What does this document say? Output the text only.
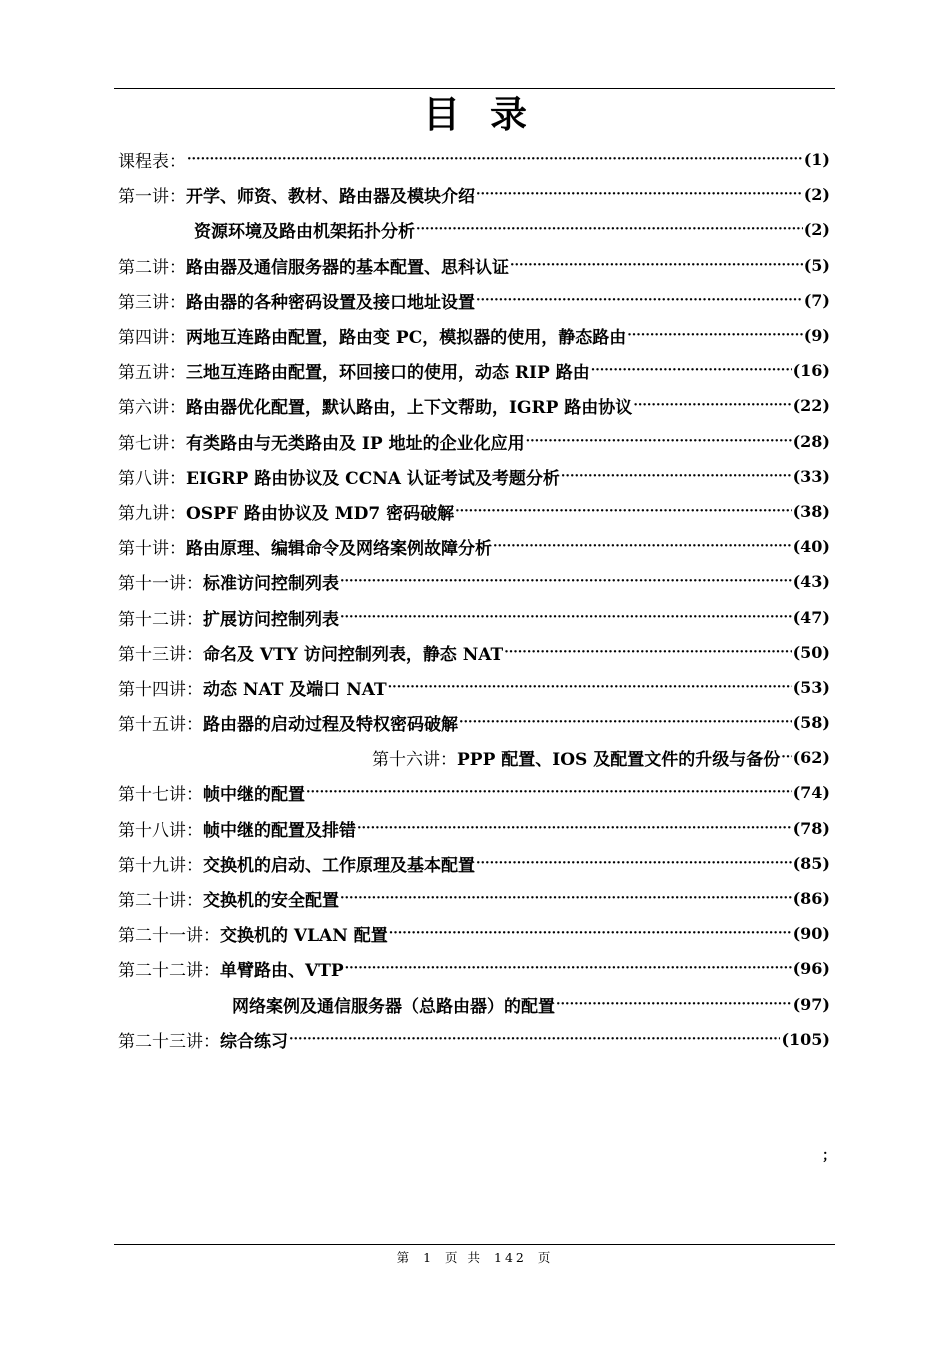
目录
课程表： ·····	(1)
第一讲： 开学、师资、教材、路由器及模块介绍 ·····	(2)
资源环境及路由机架拓扑分析 ·····	(2)
第二讲： 路由器及通信服务器的基本配置、思科认证 ·····	(5)
第三讲： 路由器的各种密码设置及接口地址设置 ·····	(7)
第四讲： 两地互连路由配置，路由变 PC，模拟器的使用，静态路由 ·····	(9)
第五讲： 三地互连路由配置，环回接口的使用，动态 RIP 路由 ·····	(16)
第六讲： 路由器优化配置，默认路由，上下文帮助，IGRP 路由协议 ·····	(22)
第七讲： 有类路由与无类路由及 IP 地址的企业化应用 ·····	(28)
第八讲： EIGRP 路由协议及 CCNA 认证考试及考题分析 ·····	(33)
第九讲： OSPF 路由协议及 MD7 密码破解 ·····	(38)
第十讲： 路由原理、编辑命令及网络案例故障分析 ·····	(40)
第十一讲： 标准访问控制列表 ·····	(43)
第十二讲： 扩展访问控制列表 ·····	(47)
第十三讲： 命名及 VTY 访问控制列表，静态 NAT ·····	(50)
第十四讲： 动态 NAT 及端口 NAT ·····	(53)
第十五讲： 路由器的启动过程及特权密码破解 ·····	(58)
第十六讲： PPP 配置、IOS 及配置文件的升级与备份 ····· (62)
第十七讲： 帧中继的配置 ·····	(74)
第十八讲： 帧中继的配置及排错 ·····	(78)
第十九讲： 交换机的启动、工作原理及基本配置 ·····	(85)
第二十讲： 交换机的安全配置 ·····	(86)
第二十一讲： 交换机的 VLAN 配置 ·····	(90)
第二十二讲： 单臂路由、VTP ·····	(96)
网络案例及通信服务器（总路由器）的配置 ·····	(97)
第二十三讲： 综合练习 ·····	(105)
；
第 1 页 共 142 页
